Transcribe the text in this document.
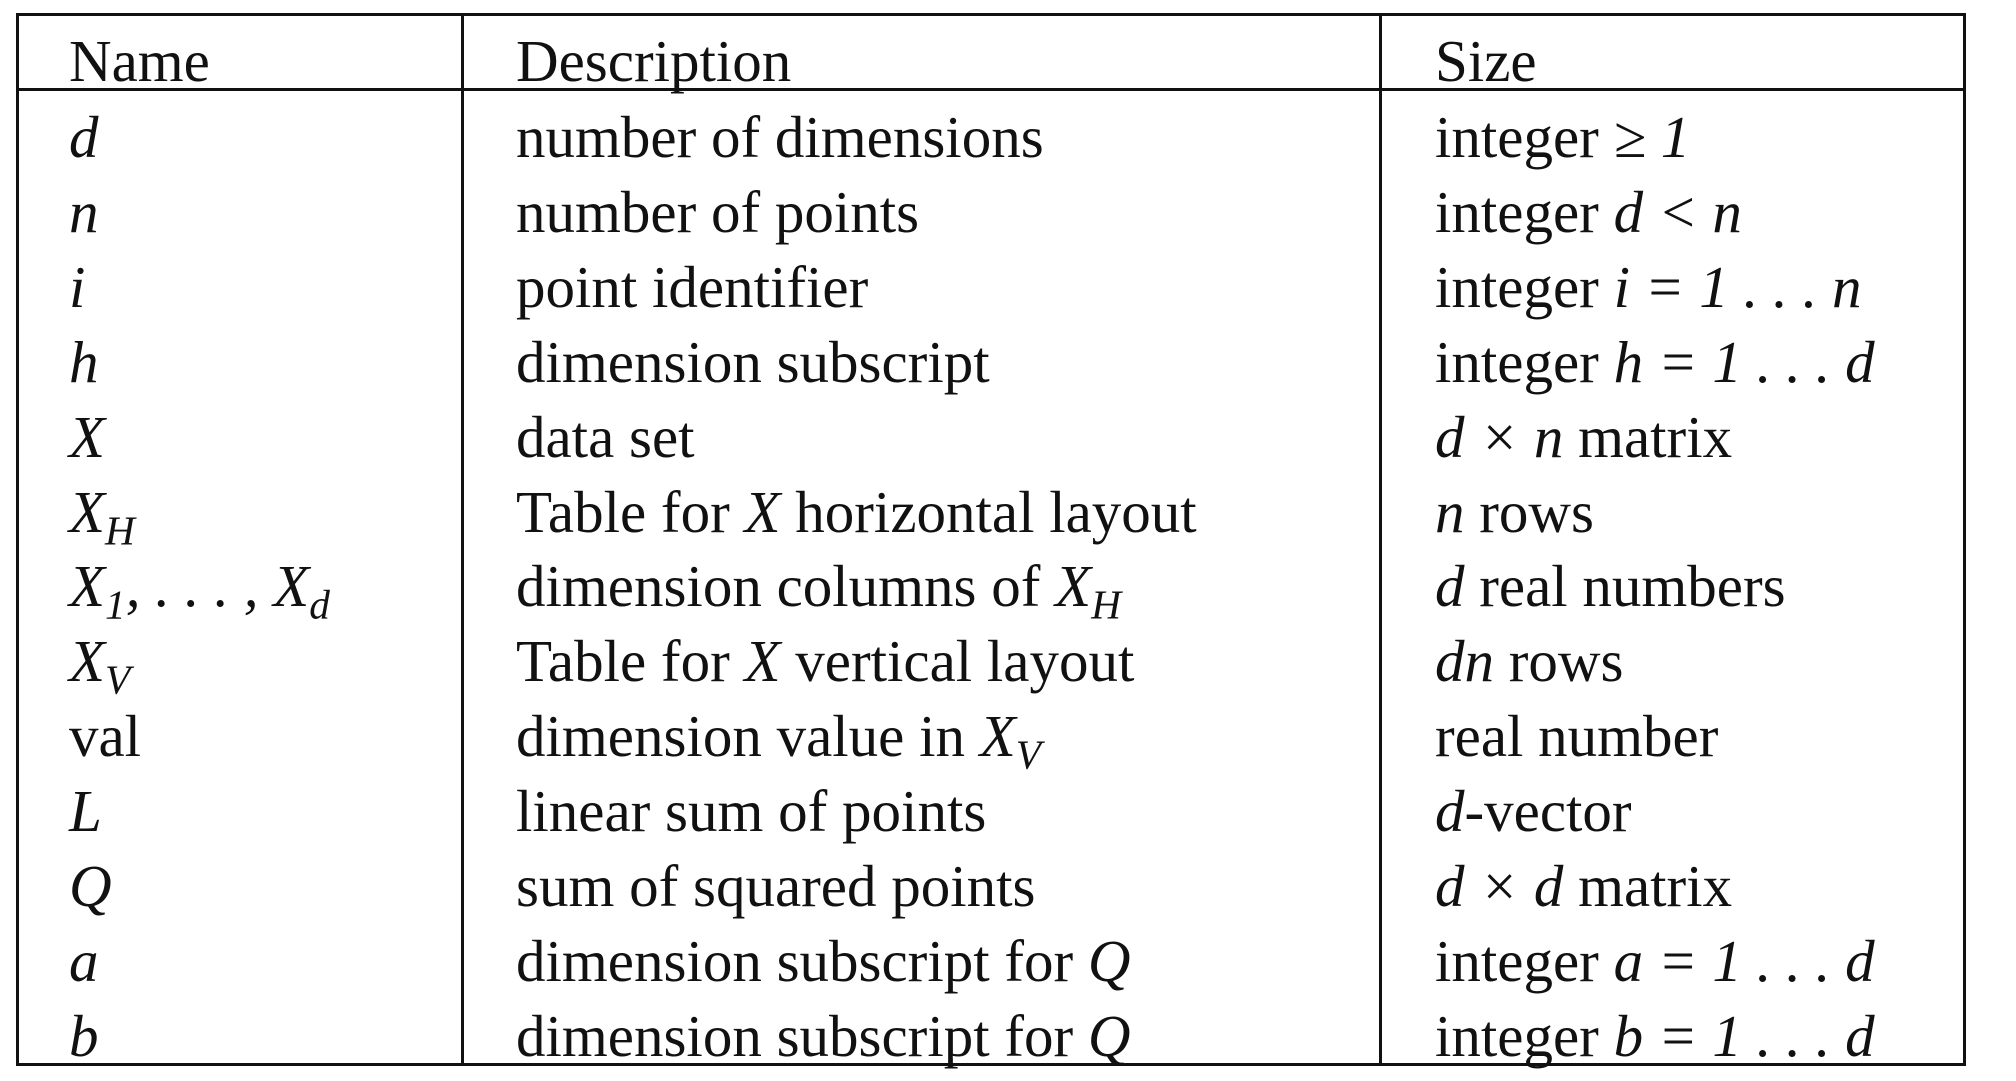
Name	Description	Size
d	number of dimensions	integer ≥ 1
n	number of points	integer d < n
i	point identifier	integer i = 1 . . . n
h	dimension subscript	integer h = 1 . . . d
X	data set	d × n matrix
$X_H$	Table for X horizontal layout	n rows
$X_1$, . . . , $X_d$	dimension columns of $X_H$	d real numbers
$X_V$	Table for X vertical layout	dn rows
val	dimension value in $X_V$	real number
L	linear sum of points	d-vector
Q	sum of squared points	d × d matrix
a	dimension subscript for Q	integer a = 1 . . . d
b	dimension subscript for Q	integer b = 1 . . . d
